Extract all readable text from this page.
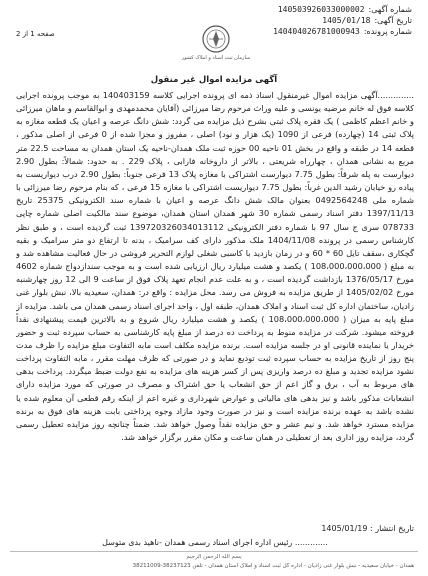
شماره آگهی:
140503926033000002
تاریخ آگهی:
1405/01/18
شماره پرونده:
140404026781000943
صفحه 1 از 2
سازمان ثبت اسناد و املاک کشور
آگهی مزایده اموال غیر منقول

..............آگهی مزایده اموال غیرمنقول اسناد ذمه ای پرونده اجرایی کلاسه 140403159 به موجب پرونده اجرایی کلاسه فوق له خانم مرضیه یونسی و علیه وراث مرحوم رضا میرزائی (آقایان محمدمهدی و ابوالقاسم و ماهان میرزائی و خانم اعظم کاظمی ) یک فقره پلاک ثبتی بشرح ذیل مزایده می گردد: شش دانگ عرصه و اعیان یک قطعه مغازه به پلاک ثبتی 14 (چهارده) فرعی از 1090 (یک هزار و نود) اصلی ، مفروز و مجزا شده از 0 فرعی از اصلی مذکور ، قطعه 14 در طبقه و واقع در بخش 01 ناحیه 00 حوزه ثبت ملک همدان-ناحیه یک استان همدان به مساحت 22.5 متر مربع به نشانی همدان ، چهارراه شریعتی ، بالاتر از داروخانه فارابی ، پلاک 229 . به حدود: شمالاً: بطول 2.90 دیوارست به پله شرقاً: بطول 7.75 دیوارست اشتراکی با مغازه پلاک 13 فرعی جنوباً: بطول 2.90 درب دیواریست به پیاده رو خیابان رشید الدین غرباً: بطول 7.75 دیواریست اشتراکی با مغازه 15 فرعی ، که بنام مرحوم رضا میرزائی با شماره ملی 0492564248 بعنوان مالک شش دانگ عرصه و اعیان با شماره سند الکترونیکی 25375 تاریخ 1397/11/13 دفتر اسناد رسمی شماره 30 شهر همدان استان همدان، موضوع سند مالکیت اصلی شماره چاپی 078733 سری ج سال 97 با شماره دفتر الکترونیکی 139720326034013112 ثبت گردیده است ، و طبق نظر کارشناس رسمی در پرونده 1404/11/08 ملک مذکور دارای کف سرامیک ، بدنه تا ارتفاع دو متر سرامیک و بقیه گچکاری ،سقف تایل 60 * 60 و در زمان بازدید با کاسبی شغلی لوازم التحریر فروشی در حال فعالیت مشاهده شد و به مبلغ ( 108،000،000،000 ) یکصد و هشت میلیارد ریال ارزیابی شده است و به موجب سندازدواج شماره 4602 مورخ 1376/05/17 بازداشت گردیده است ، و به علت عدم انجام تعهد پلاک فوق از ساعت 9 الی 12 روز چهارشنبه مورخ 1405/02/02 از طریق مزایده به فروش می رسد. محل مزایده : واقع در: همدان، سعیدیه بالا، نبش بلوار غنی زادیان، ساختمان اداره کل ثبت اسناد و املاک همدان، طبقه اول ، واحد اجرای اسناد رسمی همدان می باشد. مزایده از مبلغ پایه به میزان ( 108،000،000،000 ) یکصد و هشت میلیارد ریال شروع و به بالاترین قیمت پیشنهادی نقداً فروخته میشود. شرکت در مزایده منوط به پرداخت ده درصد از مبلغ پایه کارشناسی به حساب سپرده ثبت و حضور خریدار یا نماینده قانونی او در جلسه مزایده است. برنده مزایده مکلف است مابه التفاوت مبلغ مزایده را ظرف مدت پنج روز از تاریخ مزایده به حساب سپرده ثبت تودیع نماید و در صورتی که ظرف مهلت مقرر ، مابه التفاوت پرداخت نشود مزایده تجدید و مبلغ ده درصد واریزی پس از کسر هزینه های مزایده به نفع دولت ضبط میگردد. پرداخت بدهی های مربوط به آب ، برق و گاز اعم از حق انشعاب یا حق اشتراک و مصرف در صورتی که مورد مزایده دارای انشعابات مذکور باشد و نیز بدهی های مالیاتی و عوارض شهرداری و غیره اعم از اینکه رقم قطعی آن معلوم شده یا نشده باشد به عهده برنده مزایده است و نیز در صورت وجود مازاد وجوه پرداختی بابت هزینه های فوق به برنده مزایده مسترد خواهد شد. و نیم عشر و حق مزایده نقداً وصول خواهد شد. ضمناً چنانچه روز مزایده تعطیل رسمی گردد، مزایده روز اداری بعد از تعطیلی در همان ساعت و مکان مقرر برگزار خواهد شد.

تاریخ انتشار : 1405/01/19
............. رئیس اداره اجرای اسناد رسمی همدان -ناهید بدی متوسل
بسم الله الرحمن الرحیم
همدان - خیابان سعیدیه - نبش بلوار غنی زادیان - اداره کل ثبت اسناد و املاک استان همدان - تلفن 38237123-38211009
